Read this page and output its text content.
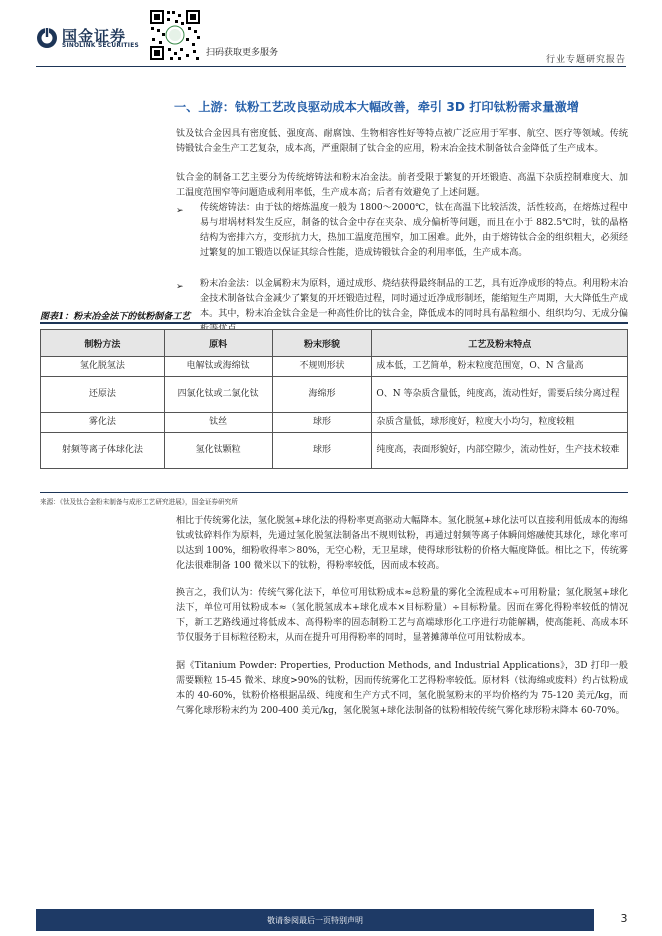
国金证券
SINOLINK SECURITIES
扫码获取更多服务
行业专题研究报告
一、上游：钛粉工艺改良驱动成本大幅改善，牵引 3D 打印钛粉需求量激增

钛及钛合金因具有密度低、强度高、耐腐蚀、生物相容性好等特点被广泛应用于军事、航空、医疗等领域。传统铸锻钛合金生产工艺复杂，成本高，严重限制了钛合金的应用，粉末冶金技术制备钛合金降低了生产成本。

钛合金的制备工艺主要分为传统熔铸法和粉末冶金法。前者受限于繁复的开坯锻造、高温下杂质控制难度大、加工温度范围窄等问题造成利用率低，生产成本高；后者有效避免了上述问题。

➢ 传统熔铸法：由于钛的熔炼温度一般为 1800～2000℃，钛在高温下比较活泼，活性较高，在熔炼过程中易与坩埚材料发生反应，制备的钛合金中存在夹杂、成分偏析等问题，而且在小于 882.5℃时，钛的晶格结构为密排六方，变形抗力大，热加工温度范围窄，加工困难。此外，由于熔铸钛合金的组织粗大，必须经过繁复的加工锻造以保证其综合性能，造成铸锻钛合金的利用率低，生产成本高。

➢ 粉末冶金法：以金属粉末为原料，通过成形、烧结获得最终制品的工艺，具有近净成形的特点。利用粉末冶金技术制备钛合金减少了繁复的开坯锻造过程，同时通过近净成形制坯，能缩短生产周期，大大降低生产成本。其中，粉末冶金钛合金是一种高性价比的钛合金，降低成本的同时具有晶粒细小、组织均匀、无成分偏

图表1：粉末冶金法下的钛粉制备工艺
制粉方法	原料	粉末形貌	工艺及粉末特点
氢化脱氢法	电解钛或海绵钛	不规则形状	成本低，工艺简单，粉末粒度范围宽，O、N 含量高
还原法	四氯化钛或二氯化钛	海绵形	O、N 等杂质含量低，纯度高，流动性好，需要后续分离过程
雾化法	钛丝	球形	杂质含量低，球形度好，粒度大小均匀，粒度较粗
射频等离子体球化法	氢化钛颗粒	球形	纯度高，表面形貌好，内部空隙少，流动性好，生产技术较难
来源：《钛及钛合金粉末制备与成形工艺研究进展》，国金证券研究所

相比于传统雾化法，氢化脱氢+球化法的得粉率更高驱动大幅降本。氢化脱氢+球化法可以直接利用低成本的海绵钛或钛碎料作为原料，先通过氢化脱氢法制备出不规则钛粉，再通过射频等离子体瞬间熔融使其球化，球化率可以达到 100%，细粉收得率＞80%，无空心粉，无卫星球，使得球形钛粉的价格大幅度降低。相比之下，传统雾化法很难制备 100 微米以下的钛粉，得粉率较低，因而成本较高。

换言之，我们认为：传统气雾化法下，单位可用钛粉成本≈总粉量的雾化全流程成本÷可用粉量；氢化脱氢+球化法下，单位可用钛粉成本≈（氢化脱氢成本+球化成本×目标粉量）÷目标粉量。因而在雾化得粉率较低的情况下，新工艺路线通过将低成本、高得粉率的固态制粉工艺与高端球形化工序进行功能解耦，使高能耗、高成本环节仅服务于目标粒径粉末，从而在提升可用得粉率的同时，显著摊薄单位可用钛粉成本。

据《Titanium Powder: Properties, Production Methods, and Industrial Applications》，3D 打印一般需要颗粒 15-45 微米、球度>90%的钛粉，因而传统雾化工艺得粉率较低。原材料（钛海绵或废料）约占钛粉成本的 40-60%，钛粉价格根据品级、纯度和生产方式不同，氢化脱氢粉末的平均价格约为 75-120 美元/kg，而气雾化球形粉末约为 200-400 美元/kg，氢化脱氢+球化法制备的钛粉相较传统气雾化球形粉末降本 60-70%。

敬请参阅最后一页特别声明	3
